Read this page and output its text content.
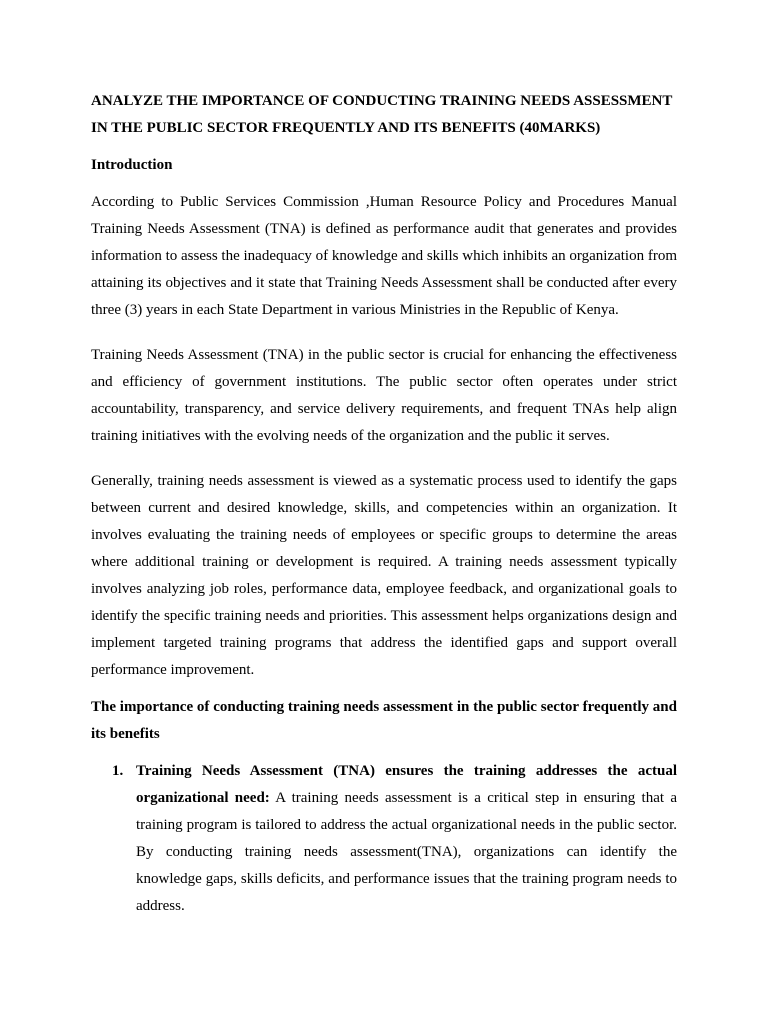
ANALYZE THE IMPORTANCE OF CONDUCTING TRAINING NEEDS ASSESSMENT
IN THE PUBLIC SECTOR FREQUENTLY AND ITS BENEFITS (40MARKS)
Introduction

According to Public Services Commission ,Human Resource Policy and Procedures Manual Training Needs Assessment (TNA) is defined as performance audit that generates and provides information to assess the inadequacy of knowledge and skills which inhibits an organization from attaining its objectives and it state that Training Needs Assessment shall be conducted after every three (3) years in each State Department in various Ministries in the Republic of Kenya.

Training Needs Assessment (TNA) in the public sector is crucial for enhancing the effectiveness and efficiency of government institutions. The public sector often operates under strict accountability, transparency, and service delivery requirements, and frequent TNAs help align training initiatives with the evolving needs of the organization and the public it serves.

Generally, training needs assessment is viewed as a systematic process used to identify the gaps between current and desired knowledge, skills, and competencies within an organization. It involves evaluating the training needs of employees or specific groups to determine the areas where additional training or development is required. A training needs assessment typically involves analyzing job roles, performance data, employee feedback, and organizational goals to identify the specific training needs and priorities. This assessment helps organizations design and implement targeted training programs that address the identified gaps and support overall performance improvement.

The importance of conducting training needs assessment in the public sector frequently and its benefits

1. Training Needs Assessment (TNA) ensures the training addresses the actual organizational need: A training needs assessment is a critical step in ensuring that a training program is tailored to address the actual organizational needs in the public sector. By conducting training needs assessment(TNA), organizations can identify the knowledge gaps, skills deficits, and performance issues that the training program needs to address.
